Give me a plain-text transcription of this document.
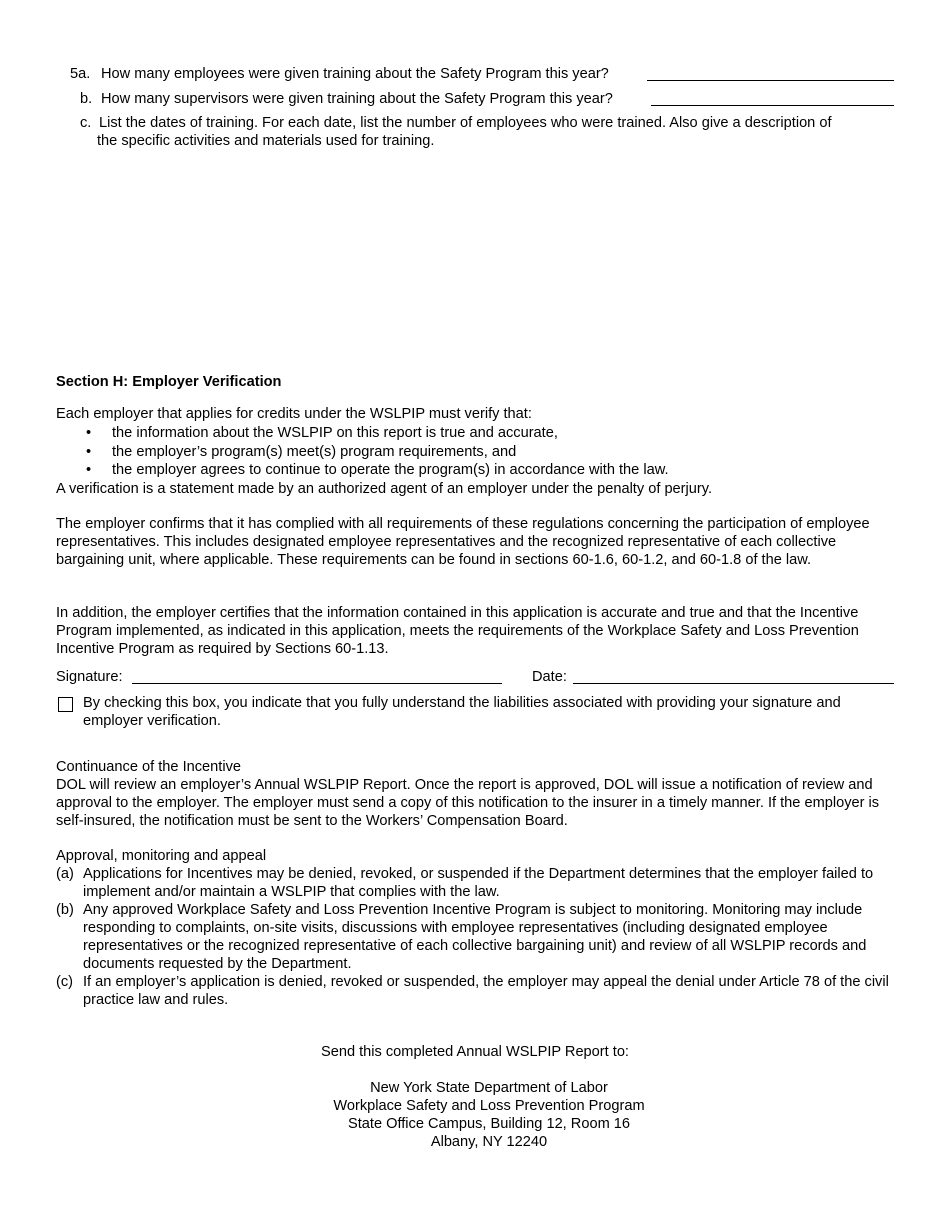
5a. How many employees were given training about the Safety Program this year?
b. How many supervisors were given training about the Safety Program this year?
c. List the dates of training. For each date, list the number of employees who were trained. Also give a description of
the specific activities and materials used for training.
Section H: Employer Verification
Each employer that applies for credits under the WSLPIP must verify that:
• the information about the WSLPIP on this report is true and accurate,
• the employer’s program(s) meet(s) program requirements, and
• the employer agrees to continue to operate the program(s) in accordance with the law.
A verification is a statement made by an authorized agent of an employer under the penalty of perjury.
The employer confirms that it has complied with all requirements of these regulations concerning the participation of employee representatives. This includes designated employee representatives and the recognized representative of each collective bargaining unit, where applicable. These requirements can be found in sections 60-1.6, 60-1.2, and 60-1.8 of the law.
In addition, the employer certifies that the information contained in this application is accurate and true and that the Incentive Program implemented, as indicated in this application, meets the requirements of the Workplace Safety and Loss Prevention Incentive Program as required by Sections 60-1.13.
Signature:	Date:
By checking this box, you indicate that you fully understand the liabilities associated with providing your signature and employer verification.
Continuance of the Incentive
DOL will review an employer’s Annual WSLPIP Report. Once the report is approved, DOL will issue a notification of review and approval to the employer. The employer must send a copy of this notification to the insurer in a timely manner. If the employer is self-insured, the notification must be sent to the Workers’ Compensation Board.
Approval, monitoring and appeal
(a) Applications for Incentives may be denied, revoked, or suspended if the Department determines that the employer failed to implement and/or maintain a WSLPIP that complies with the law.
(b) Any approved Workplace Safety and Loss Prevention Incentive Program is subject to monitoring. Monitoring may include responding to complaints, on-site visits, discussions with employee representatives (including designated employee representatives or the recognized representative of each collective bargaining unit) and review of all WSLPIP records and documents requested by the Department.
(c) If an employer’s application is denied, revoked or suspended, the employer may appeal the denial under Article 78 of the civil practice law and rules.
Send this completed Annual WSLPIP Report to:
New York State Department of Labor
Workplace Safety and Loss Prevention Program
State Office Campus, Building 12, Room 16
Albany, NY 12240
